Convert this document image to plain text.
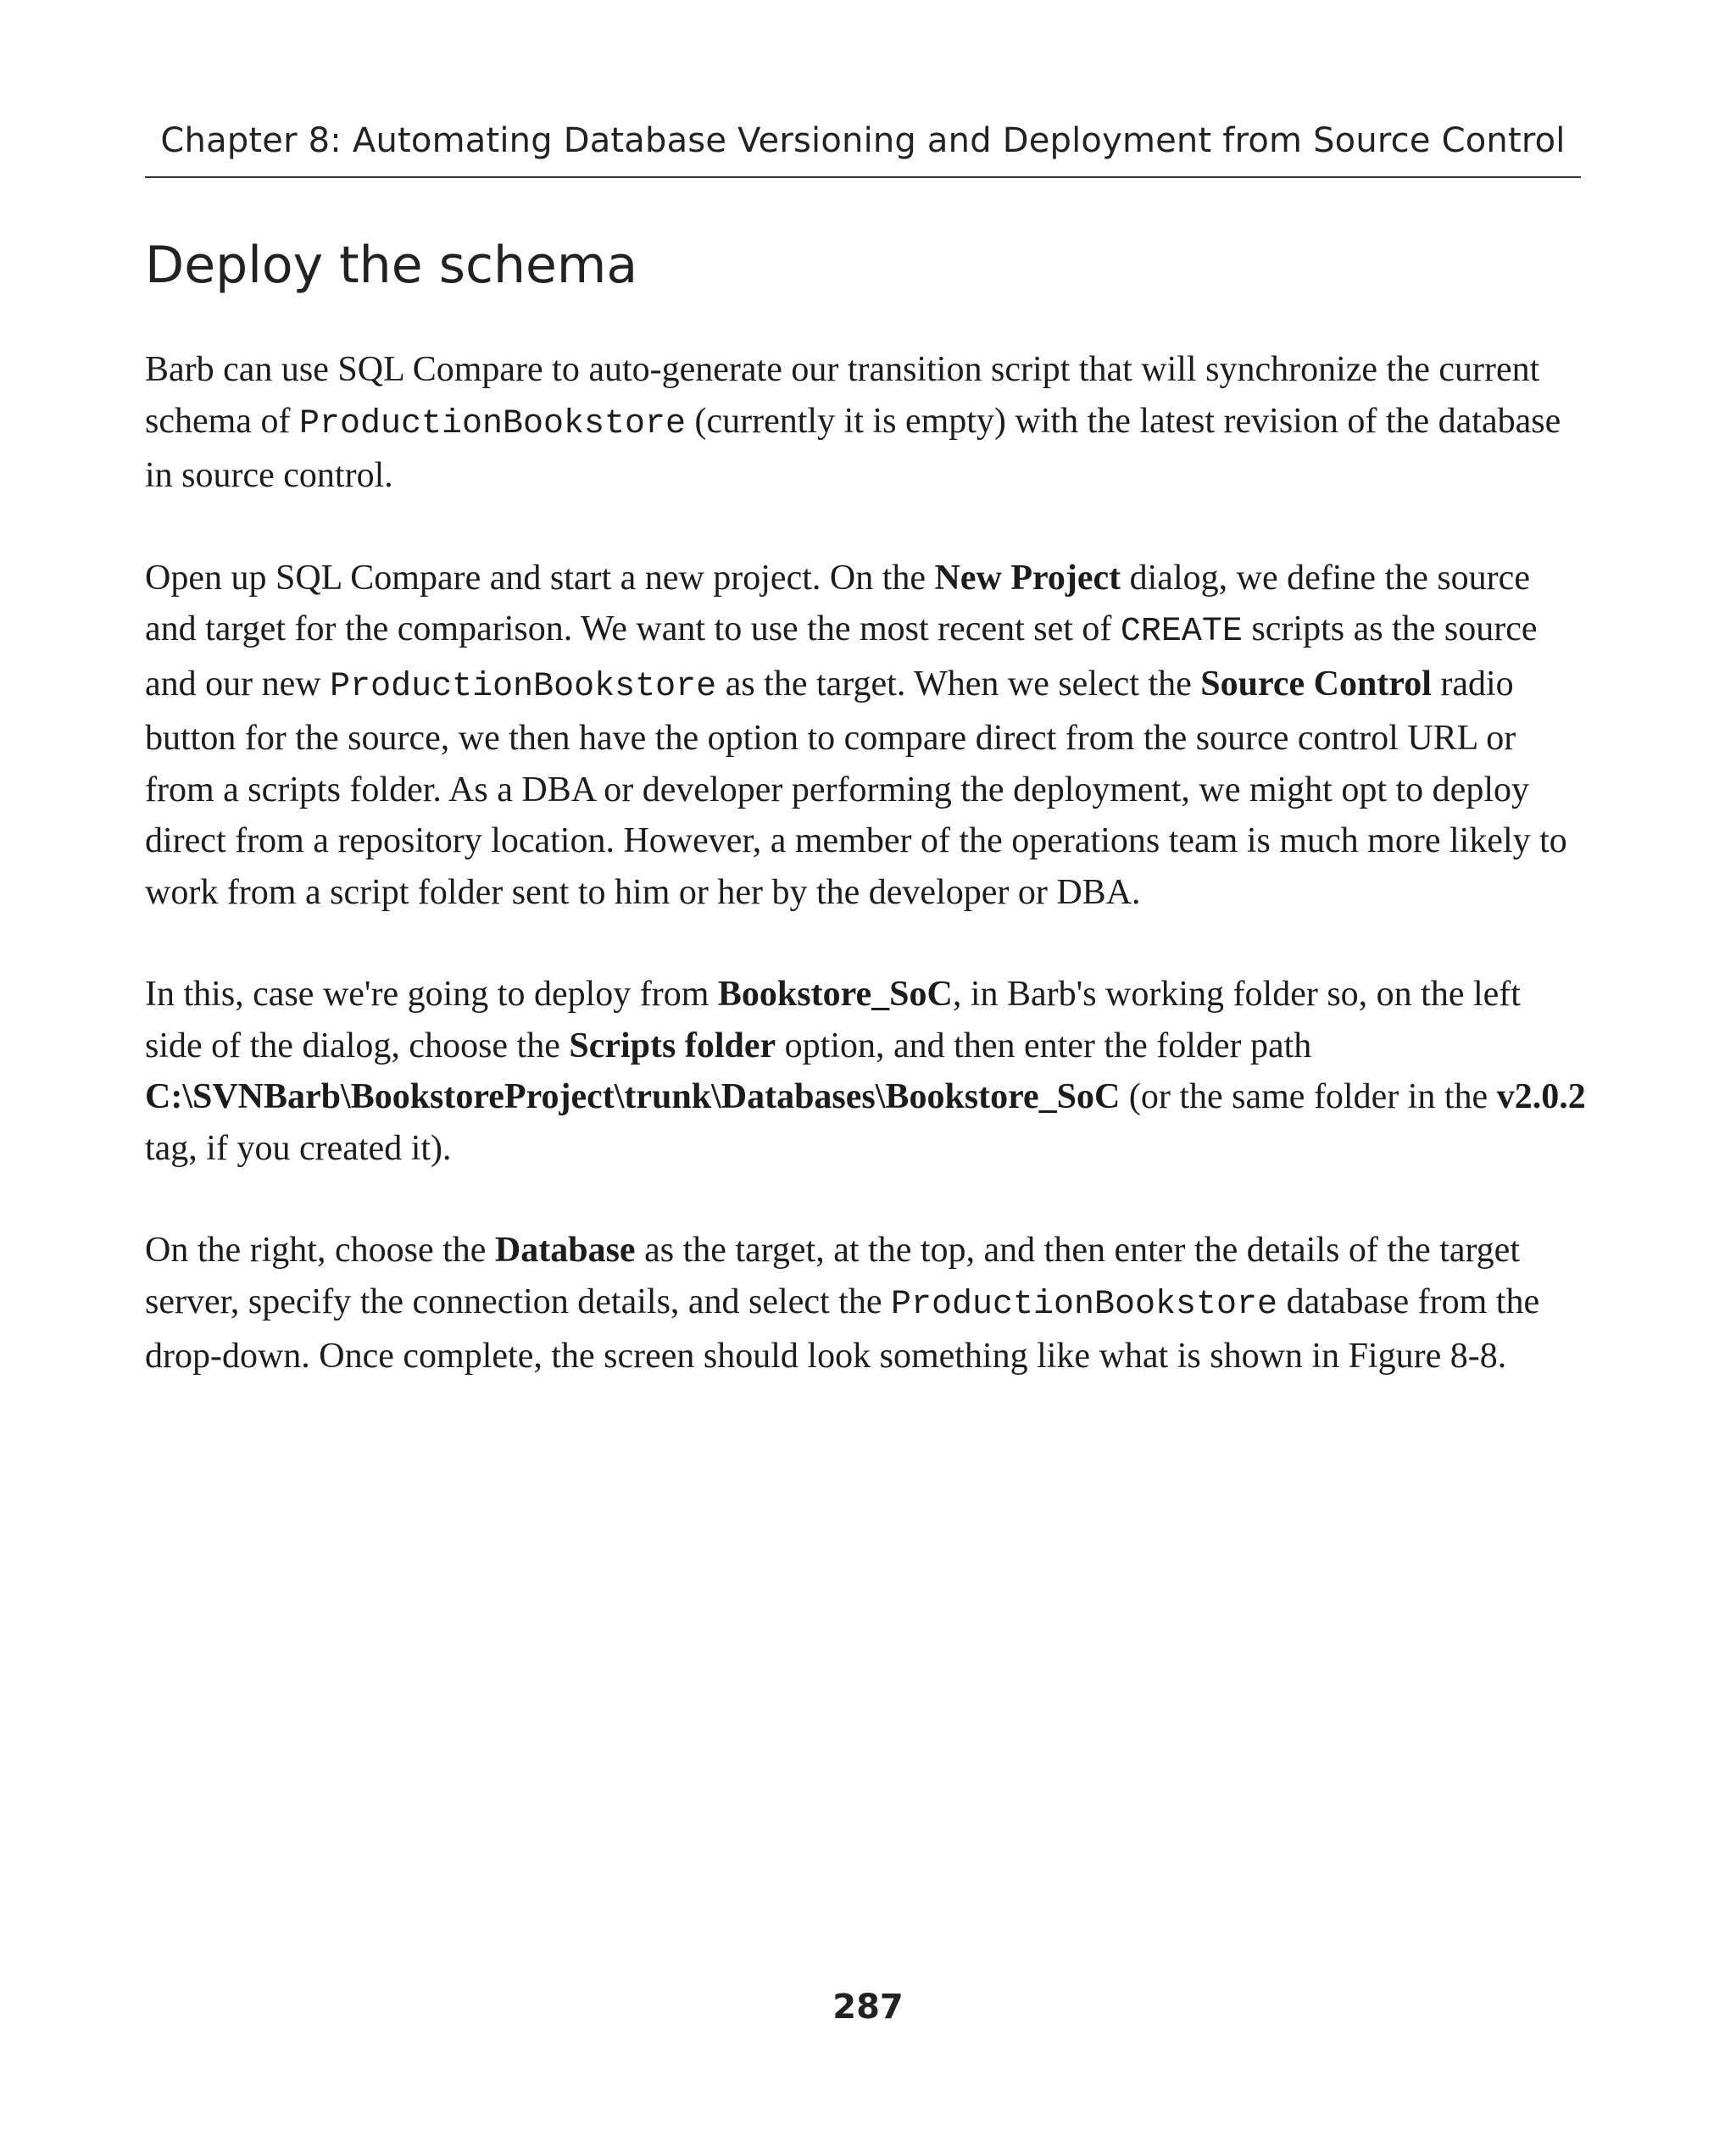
Chapter 8: Automating Database Versioning and Deployment from Source Control
Deploy the schema

Barb can use SQL Compare to auto-generate our transition script that will synchronize the current schema of ProductionBookstore (currently it is empty) with the latest revision of the database in source control.

Open up SQL Compare and start a new project. On the New Project dialog, we define the source and target for the comparison. We want to use the most recent set of CREATE scripts as the source and our new ProductionBookstore as the target. When we select the Source Control radio button for the source, we then have the option to compare direct from the source control URL or from a scripts folder. As a DBA or developer performing the deployment, we might opt to deploy direct from a repository location. However, a member of the operations team is much more likely to work from a script folder sent to him or her by the developer or DBA.

In this, case we're going to deploy from Bookstore_SoC, in Barb's working folder so, on the left side of the dialog, choose the Scripts folder option, and then enter the folder path C:\SVNBarb\BookstoreProject\trunk\Databases\Bookstore_SoC (or the same folder in the v2.0.2 tag, if you created it).

On the right, choose the Database as the target, at the top, and then enter the details of the target server, specify the connection details, and select the ProductionBookstore database from the drop-down. Once complete, the screen should look something like what is shown in Figure 8-8.

287
